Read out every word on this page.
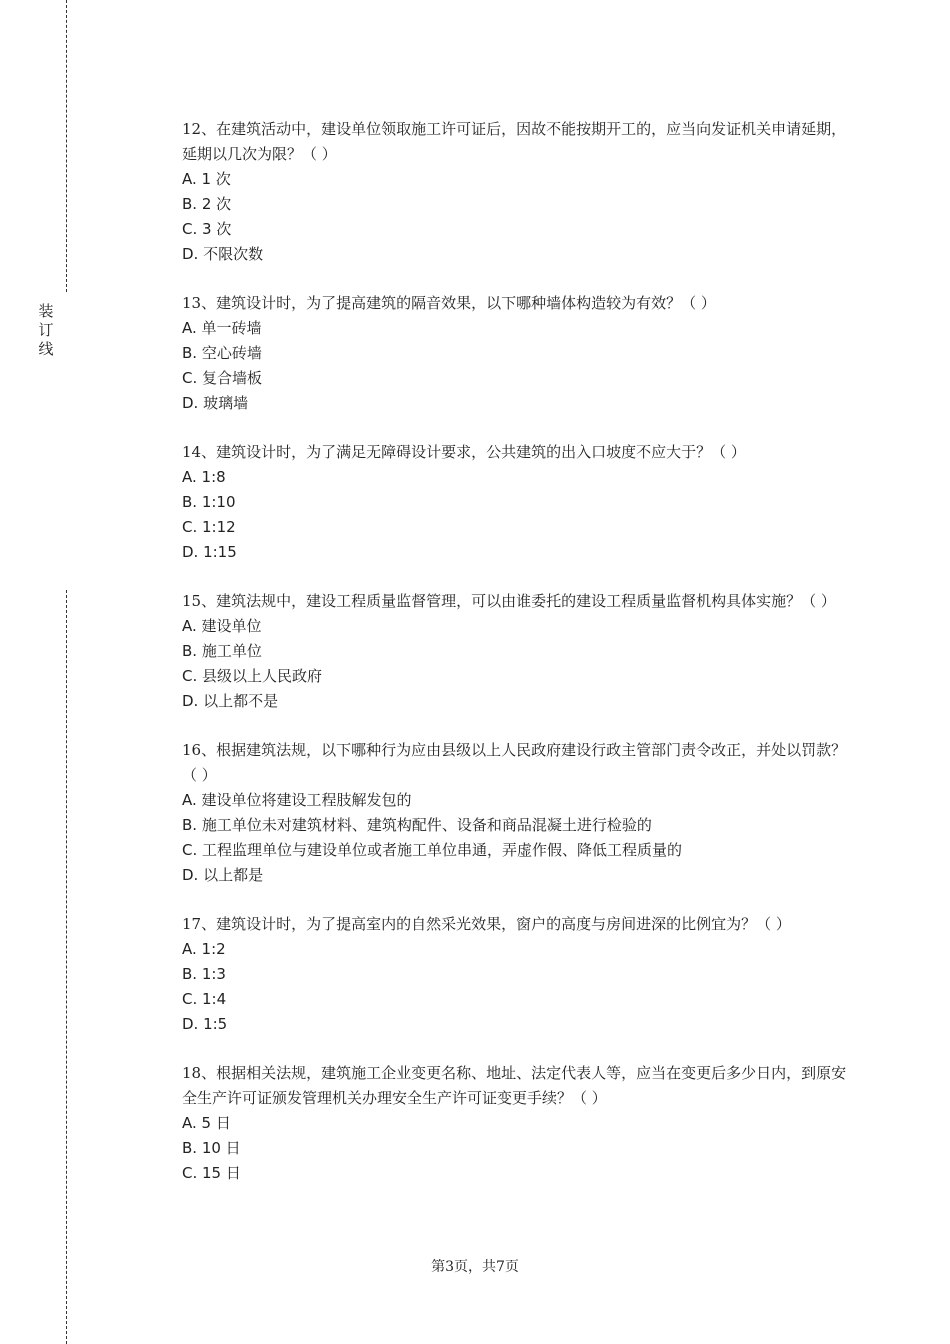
装
订
线

12、在建筑活动中，建设单位领取施工许可证后，因故不能按期开工的，应当向发证机关申请延期，延期以几次为限？（ ）

A. 1 次

B. 2 次

C. 3 次

D. 不限次数

13、建筑设计时，为了提高建筑的隔音效果，以下哪种墙体构造较为有效？（ ）

A. 单一砖墙

B. 空心砖墙

C. 复合墙板

D. 玻璃墙

14、建筑设计时，为了满足无障碍设计要求，公共建筑的出入口坡度不应大于？（ ）

A. 1:8

B. 1:10

C. 1:12

D. 1:15

15、建筑法规中，建设工程质量监督管理，可以由谁委托的建设工程质量监督机构具体实施？（ ）

A. 建设单位

B. 施工单位

C. 县级以上人民政府

D. 以上都不是

16、根据建筑法规，以下哪种行为应由县级以上人民政府建设行政主管部门责令改正，并处以罚款？（ ）

A. 建设单位将建设工程肢解发包的

B. 施工单位未对建筑材料、建筑构配件、设备和商品混凝土进行检验的

C. 工程监理单位与建设单位或者施工单位串通，弄虚作假、降低工程质量的

D. 以上都是

17、建筑设计时，为了提高室内的自然采光效果，窗户的高度与房间进深的比例宜为？（ ）

A. 1:2

B. 1:3

C. 1:4

D. 1:5

18、根据相关法规，建筑施工企业变更名称、地址、法定代表人等，应当在变更后多少日内，到原安全生产许可证颁发管理机关办理安全生产许可证变更手续？（ ）

A. 5 日

B. 10 日

C. 15 日

第3页，共7页
